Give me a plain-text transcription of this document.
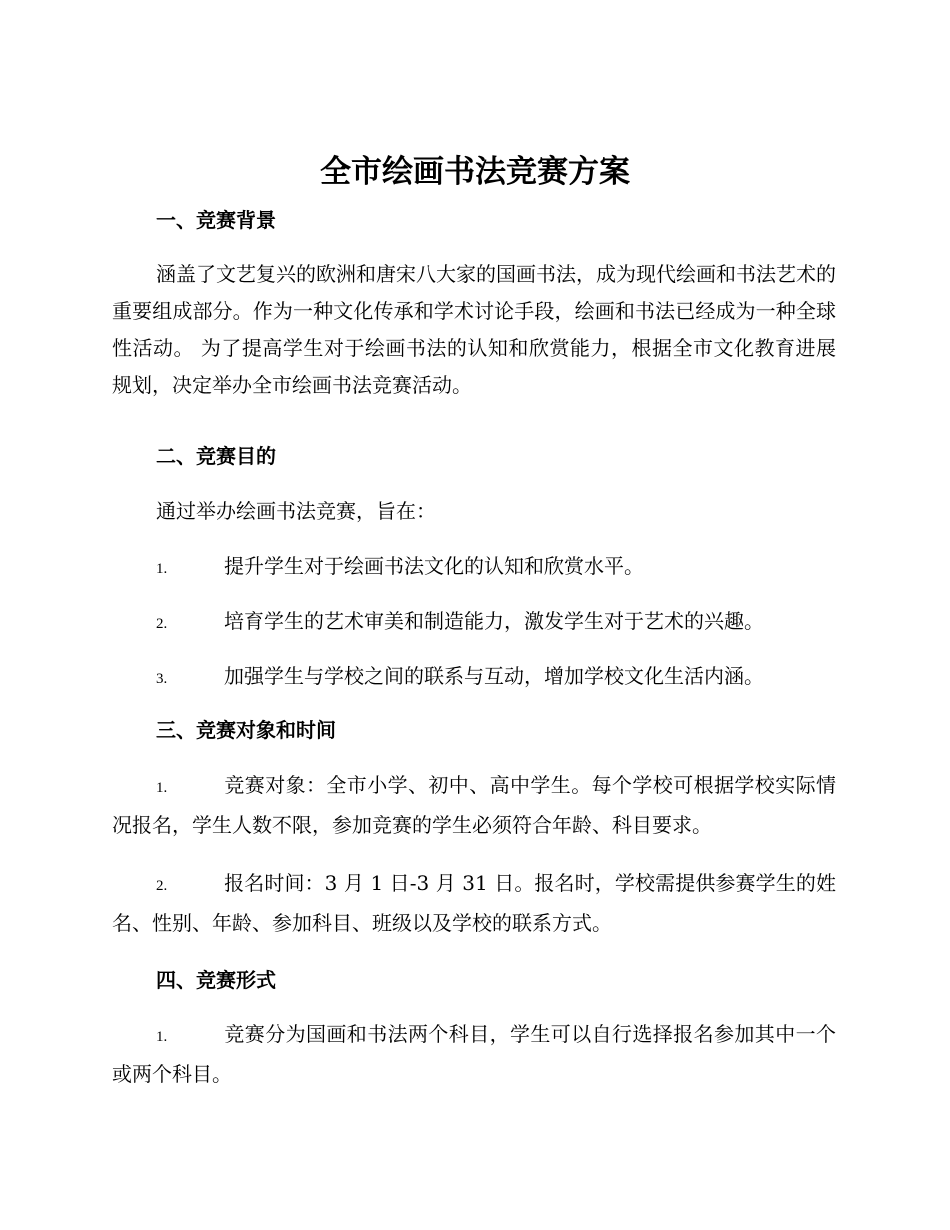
全市绘画书法竞赛方案
一、竞赛背景

涵盖了文艺复兴的欧洲和唐宋八大家的国画书法，成为现代绘画和书法艺术的重要组成部分。作为一种文化传承和学术讨论手段，绘画和书法已经成为一种全球性活动。 为了提高学生对于绘画书法的认知和欣赏能力，根据全市文化教育进展规划，决定举办全市绘画书法竞赛活动。

二、竞赛目的

通过举办绘画书法竞赛，旨在：

1.	提升学生对于绘画书法文化的认知和欣赏水平。

2.	培育学生的艺术审美和制造能力，激发学生对于艺术的兴趣。

3.	加强学生与学校之间的联系与互动，增加学校文化生活内涵。

三、竞赛对象和时间

1.	竞赛对象：全市小学、初中、高中学生。每个学校可根据学校实际情况报名，学生人数不限，参加竞赛的学生必须符合年龄、科目要求。

2.	报名时间：3 月 1 日-3 月 31 日。报名时，学校需提供参赛学生的姓名、性别、年龄、参加科目、班级以及学校的联系方式。

四、竞赛形式

1.	竞赛分为国画和书法两个科目，学生可以自行选择报名参加其中一个或两个科目。
